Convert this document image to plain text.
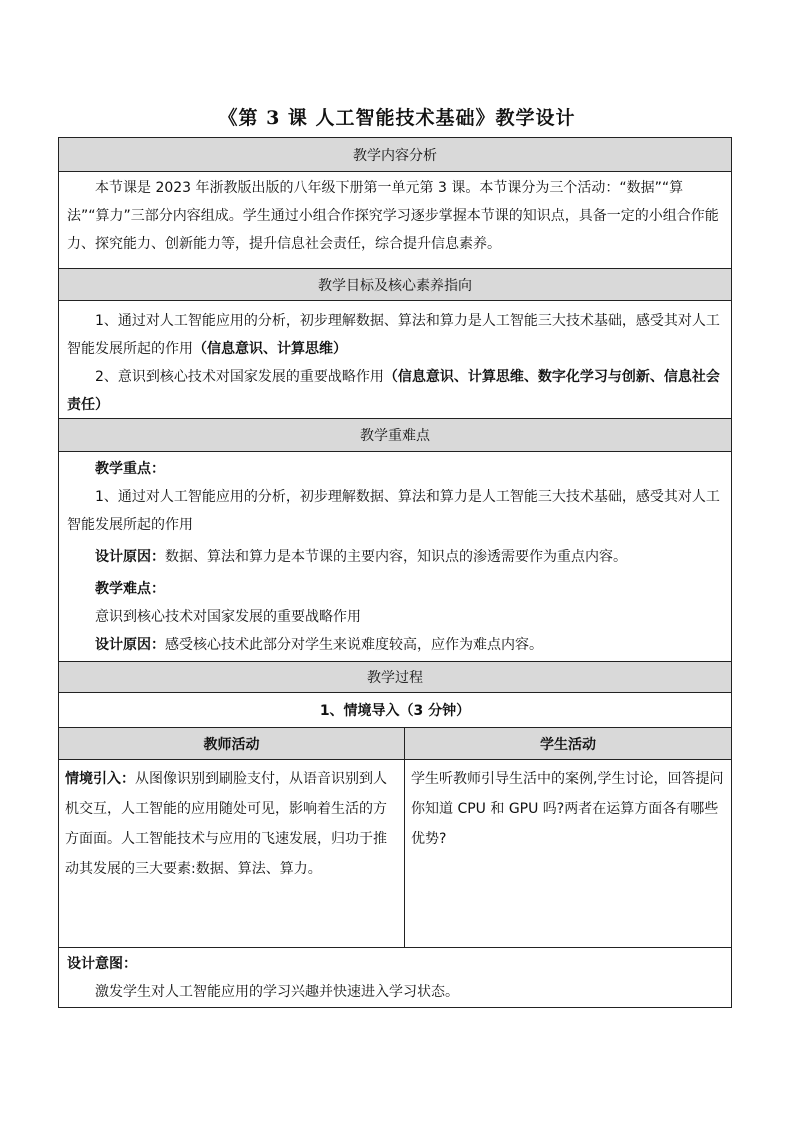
《第 3 课 人工智能技术基础》教学设计
教学内容分析

本节课是 2023 年浙教版出版的八年级下册第一单元第 3 课。本节课分为三个活动：“数据”“算法”“算力”三部分内容组成。学生通过小组合作探究学习逐步掌握本节课的知识点，具备一定的小组合作能力、探究能力、创新能力等，提升信息社会责任，综合提升信息素养。

教学目标及核心素养指向

1、通过对人工智能应用的分析，初步理解数据、算法和算力是人工智能三大技术基础，感受其对人工智能发展所起的作用（信息意识、计算思维）

2、意识到核心技术对国家发展的重要战略作用（信息意识、计算思维、数字化学习与创新、信息社会责任）

教学重难点

教学重点：

1、通过对人工智能应用的分析，初步理解数据、算法和算力是人工智能三大技术基础，感受其对人工智能发展所起的作用

设计原因：数据、算法和算力是本节课的主要内容，知识点的渗透需要作为重点内容。

教学难点：

意识到核心技术对国家发展的重要战略作用

设计原因：感受核心技术此部分对学生来说难度较高，应作为难点内容。

教学过程
1、情境导入（3 分钟）
教师活动	学生活动
情境引入：从图像识别到刷脸支付，从语音识别到人机交互，人工智能的应用随处可见，影响着生活的方方面面。人工智能技术与应用的飞速发展，归功于推动其发展的三大要素:数据、算法、算力。
学生听教师引导生活中的案例,学生讨论，回答提问
你知道 CPU 和 GPU 吗?两者在运算方面各有哪些优势?

设计意图：

激发学生对人工智能应用的学习兴趣并快速进入学习状态。
